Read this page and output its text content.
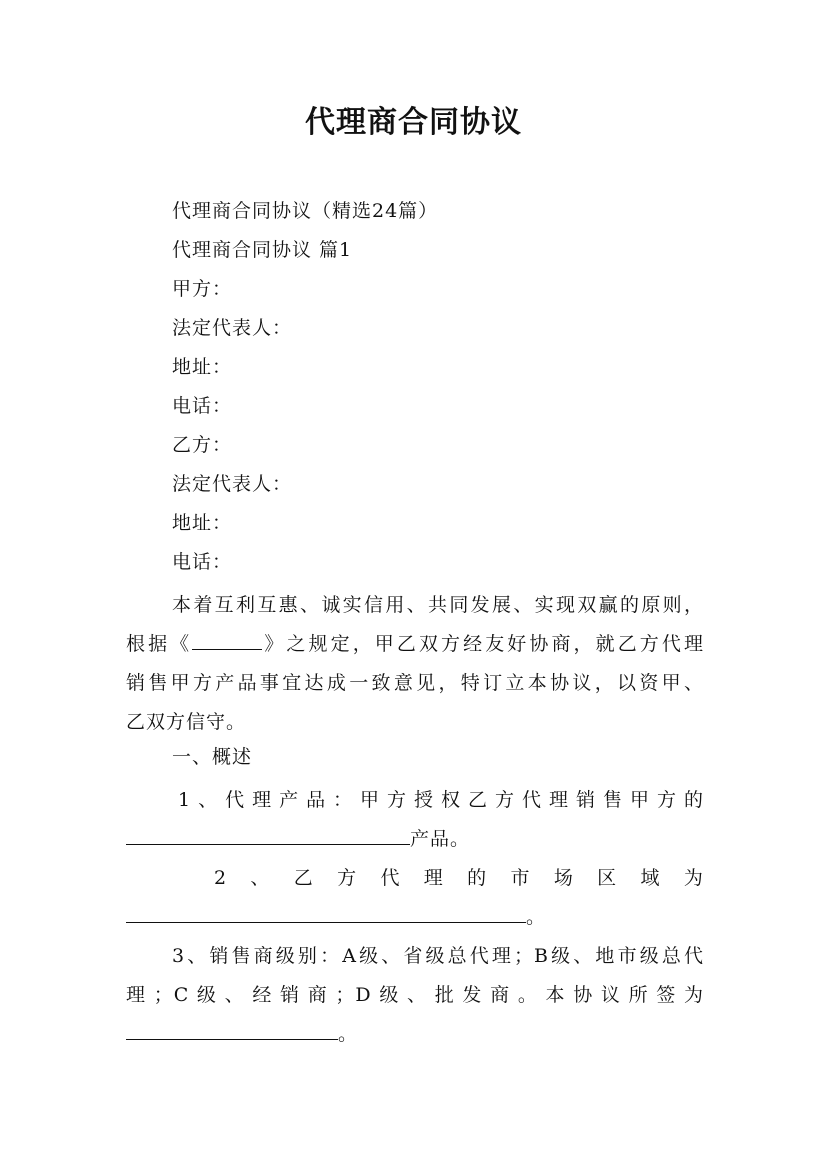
代理商合同协议
代理商合同协议（精选24篇）
代理商合同协议 篇1
甲方：
法定代表人：
地址：
电话：
乙方：
法定代表人：
地址：
电话：
本着互利互惠、诚实信用、共同发展、实现双赢的原则，
根据《	》之规定，甲乙双方经友好协商，就乙方代理
销售甲方产品事宜达成一致意见，特订立本协议，以资甲、
乙双方信守。
一、概述
1、代理产品：甲方授权乙方代理销售甲方的
产品。
2 、 乙 方 代 理 的 市 场 区 域 为
。
3、销售商级别：A级、省级总代理；B级、地市级总代
理；C级、经销商；D级、批发商。本协议所签为
。
